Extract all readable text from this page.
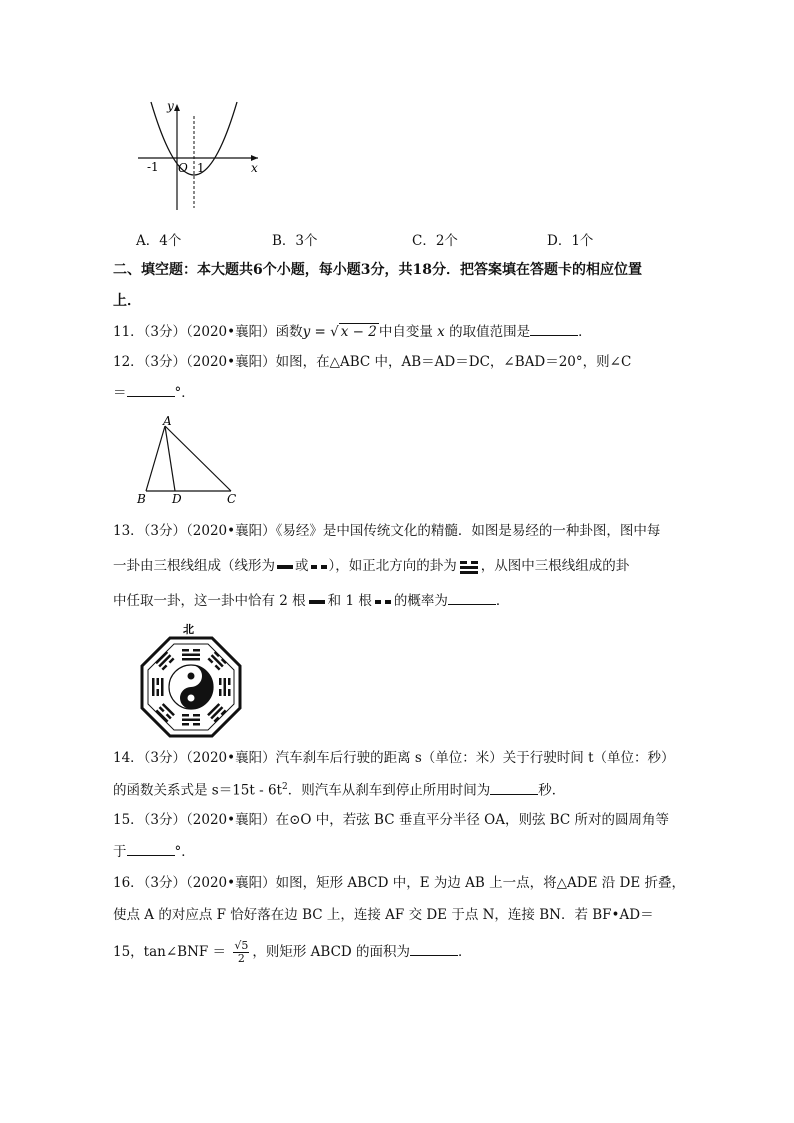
y
x
O
-1	1
A．4个	B．3个	C．2个	D．1个
二、填空题：本大题共6个小题，每小题3分，共18分．把答案填在答题卡的相应位置
上．
11．（3分）（2020•襄阳）函数y = √ x − 2 中自变量 x 的取值范围是	．
12．（3分）（2020•襄阳）如图，在△ABC 中，AB＝AD＝DC，∠BAD＝20°，则∠C
＝	°．
A
B D	C
13．（3分）（2020•襄阳）《易经》是中国传统文化的精髓．如图是易经的一种卦图，图中每
一卦由三根线组成（线形为 或 ），如正北方向的卦为 ，从图中三根线组成的卦
中任取一卦，这一卦中恰有 2 根 和 1 根 的概率为	．
北
14．（3分）（2020•襄阳）汽车刹车后行驶的距离 s（单位：米）关于行驶时间 t（单位：秒）
的函数关系式是 $s=15t - 6t^2$．则汽车从刹车到停止所用时间为	秒．
15．（3分）（2020•襄阳）在⊙O 中，若弦 BC 垂直平分半径 OA，则弦 BC 所对的圆周角等
于	°．
16．（3分）（2020•襄阳）如图，矩形 ABCD 中，E 为边 AB 上一点，将△ADE 沿 DE 折叠，
使点 A 的对应点 F 恰好落在边 BC 上，连接 AF 交 DE 于点 N，连接 BN．若 BF•AD＝
15，tan∠BNF ＝ $\frac{√5}{2}$ ，则矩形 ABCD 的面积为	．
